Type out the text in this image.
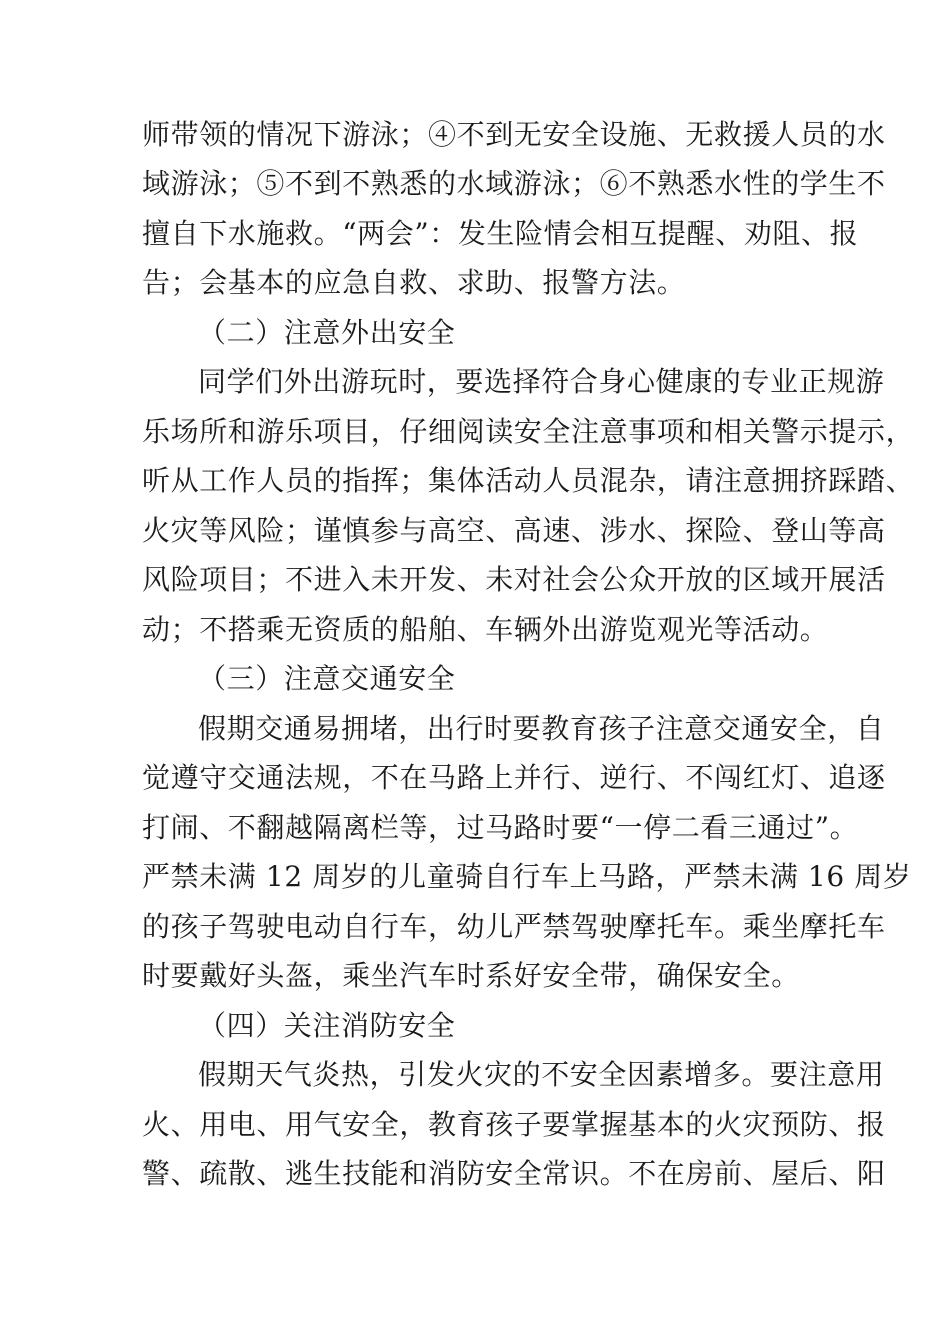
师带领的情况下游泳；④不到无安全设施、无救援人员的水
域游泳；⑤不到不熟悉的水域游泳；⑥不熟悉水性的学生不
擅自下水施救。“两会”：发生险情会相互提醒、劝阻、报
告；会基本的应急自救、求助、报警方法。
（二）注意外出安全
同学们外出游玩时，要选择符合身心健康的专业正规游
乐场所和游乐项目，仔细阅读安全注意事项和相关警示提示，
听从工作人员的指挥；集体活动人员混杂，请注意拥挤踩踏、
火灾等风险；谨慎参与高空、高速、涉水、探险、登山等高
风险项目；不进入未开发、未对社会公众开放的区域开展活
动；不搭乘无资质的船舶、车辆外出游览观光等活动。
（三）注意交通安全
假期交通易拥堵，出行时要教育孩子注意交通安全，自
觉遵守交通法规，不在马路上并行、逆行、不闯红灯、追逐
打闹、不翻越隔离栏等，过马路时要“一停二看三通过”。
严禁未满 12 周岁的儿童骑自行车上马路，严禁未满 16 周岁
的孩子驾驶电动自行车，幼儿严禁驾驶摩托车。乘坐摩托车
时要戴好头盔，乘坐汽车时系好安全带，确保安全。
（四）关注消防安全
假期天气炎热，引发火灾的不安全因素增多。要注意用
火、用电、用气安全，教育孩子要掌握基本的火灾预防、报
警、疏散、逃生技能和消防安全常识。不在房前、屋后、阳
